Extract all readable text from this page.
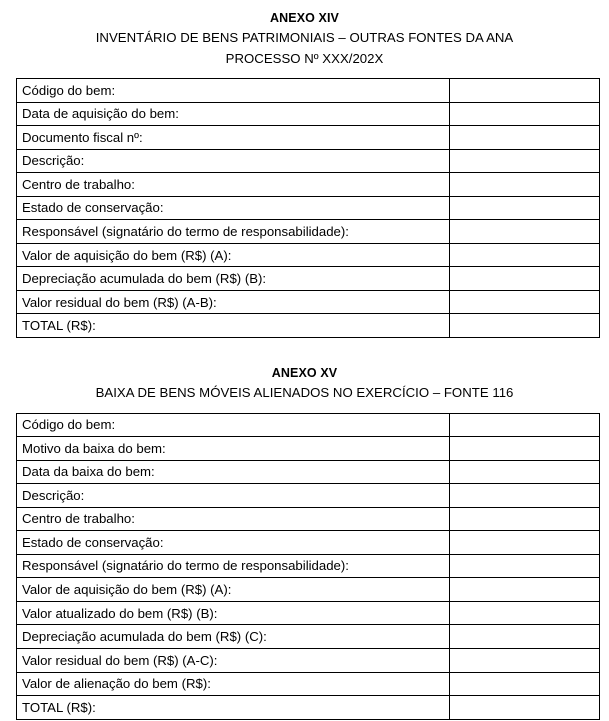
ANEXO XIV
INVENTÁRIO DE BENS PATRIMONIAIS – OUTRAS FONTES DA ANA
PROCESSO Nº XXX/202X
Código do bem:	
Data de aquisição do bem:	
Documento fiscal nº:	
Descrição:	
Centro de trabalho:	
Estado de conservação:	
Responsável (signatário do termo de responsabilidade):	
Valor de aquisição do bem (R$) (A):	
Depreciação acumulada do bem (R$) (B):	
Valor residual do bem (R$) (A-B):	
TOTAL (R$):	
ANEXO XV
BAIXA DE BENS MÓVEIS ALIENADOS NO EXERCÍCIO – FONTE 116
Código do bem:	
Motivo da baixa do bem:	
Data da baixa do bem:	
Descrição:	
Centro de trabalho:	
Estado de conservação:	
Responsável (signatário do termo de responsabilidade):	
Valor de aquisição do bem (R$) (A):	
Valor atualizado do bem (R$) (B):	
Depreciação acumulada do bem (R$) (C):	
Valor residual do bem (R$) (A-C):	
Valor de alienação do bem (R$):	
TOTAL (R$):	
